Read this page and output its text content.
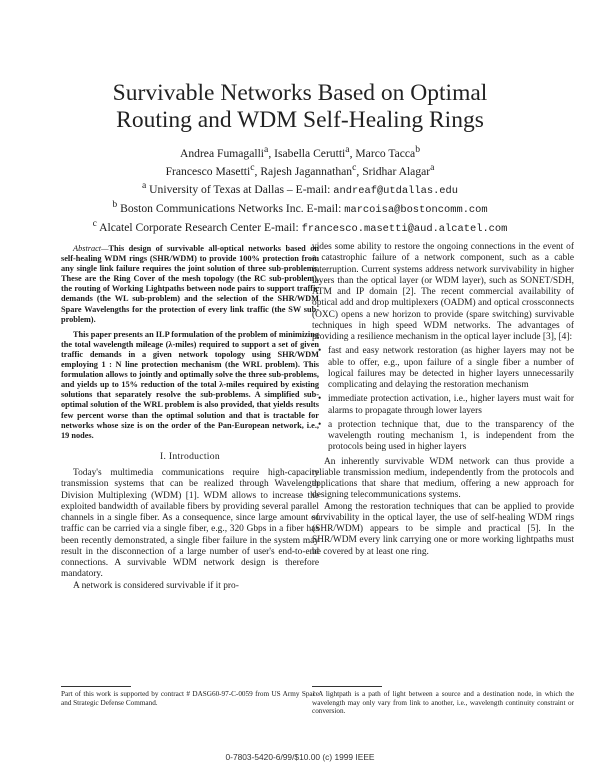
Survivable Networks Based on Optimal
Routing and WDM Self-Healing Rings
Andrea Fumagalli$^a$, Isabella Cerutti$^a$, Marco Tacca$^b$
Francesco Masetti$^c$, Rajesh Jagannathan$^c$, Sridhar Alagar$^a$
$^a$ University of Texas at Dallas – E-mail: andreaf@utdallas.edu
$^b$ Boston Communications Networks Inc. E-mail: marcoisa@bostoncomm.com
$^c$ Alcatel Corporate Research Center E-mail: francesco.masetti@aud.alcatel.com

Abstract—This design of survivable all-optical networks based on self-healing WDM rings (SHR/WDM) to provide 100% protection from any single link failure requires the joint solution of three sub-problems. These are the Ring Cover of the mesh topology (the RC sub-problem), the routing of Working Lightpaths between node pairs to support traffic demands (the WL sub-problem) and the selection of the SHR/WDM Spare Wavelengths for the protection of every link traffic (the SW sub-problem).

This paper presents an ILP formulation of the problem of minimizing the total wavelength mileage (λ-miles) required to support a set of given traffic demands in a given network topology using SHR/WDM employing 1 : N line protection mechanism (the WRL problem). This formulation allows to jointly and optimally solve the three sub-problems, and yields up to 15% reduction of the total λ-miles required by existing solutions that separately resolve the sub-problems. A simplified sub-optimal solution of the WRL problem is also provided, that yields results few percent worse than the optimal solution and that is tractable for networks whose size is on the order of the Pan-European network, i.e., 19 nodes.

I. Introduction

Today's multimedia communications require high-capacity transmission systems that can be realized through Wavelength Division Multiplexing (WDM) [1]. WDM allows to increase the exploited bandwidth of available fibers by providing several parallel channels in a single fiber. As a consequence, since large amount of traffic can be carried via a single fiber, e.g., 320 Gbps in a fiber has been recently demonstrated, a single fiber failure in the system may result in the disconnection of a large number of user's end-to-end connections. A survivable WDM network design is therefore mandatory.

A network is considered survivable if it pro-

vides some ability to restore the ongoing connections in the event of a catastrophic failure of a network component, such as a cable interruption. Current systems address network survivability in higher layers than the optical layer (or WDM layer), such as SONET/SDH, ATM and IP domain [2]. The recent commercial availability of optical add and drop multiplexers (OADM) and optical crossconnects (OXC) opens a new horizon to provide (spare switching) survivable techniques in high speed WDM networks. The advantages of providing a resilience mechanism in the optical layer include [3], [4]:

• fast and easy network restoration (as higher layers may not be able to offer, e.g., upon failure of a single fiber a number of logical failures may be detected in higher layers unnecessarily complicating and delaying the restoration mechanism
• immediate protection activation, i.e., higher layers must wait for alarms to propagate through lower layers
• a protection technique that, due to the transparency of the wavelength routing mechanism 1, is independent from the protocols being used in higher layers

An inherently survivable WDM network can thus provide a reliable transmission medium, independently from the protocols and applications that share that medium, offering a new approach for designing telecommunications systems.

Among the restoration techniques that can be applied to provide survivability in the optical layer, the use of self-healing WDM rings (SHR/WDM) appears to be simple and practical [5]. In the SHR/WDM every link carrying one or more working lightpaths must be covered by at least one ring.

Part of this work is supported by contract # DASG60-97-C-0059 from US Army Space and Strategic Defense Command.
1 A lightpath is a path of light between a source and a destination node, in which the wavelength may only vary from link to another, i.e., wavelength continuity constraint or conversion.
0-7803-5420-6/99/$10.00 (c) 1999 IEEE
